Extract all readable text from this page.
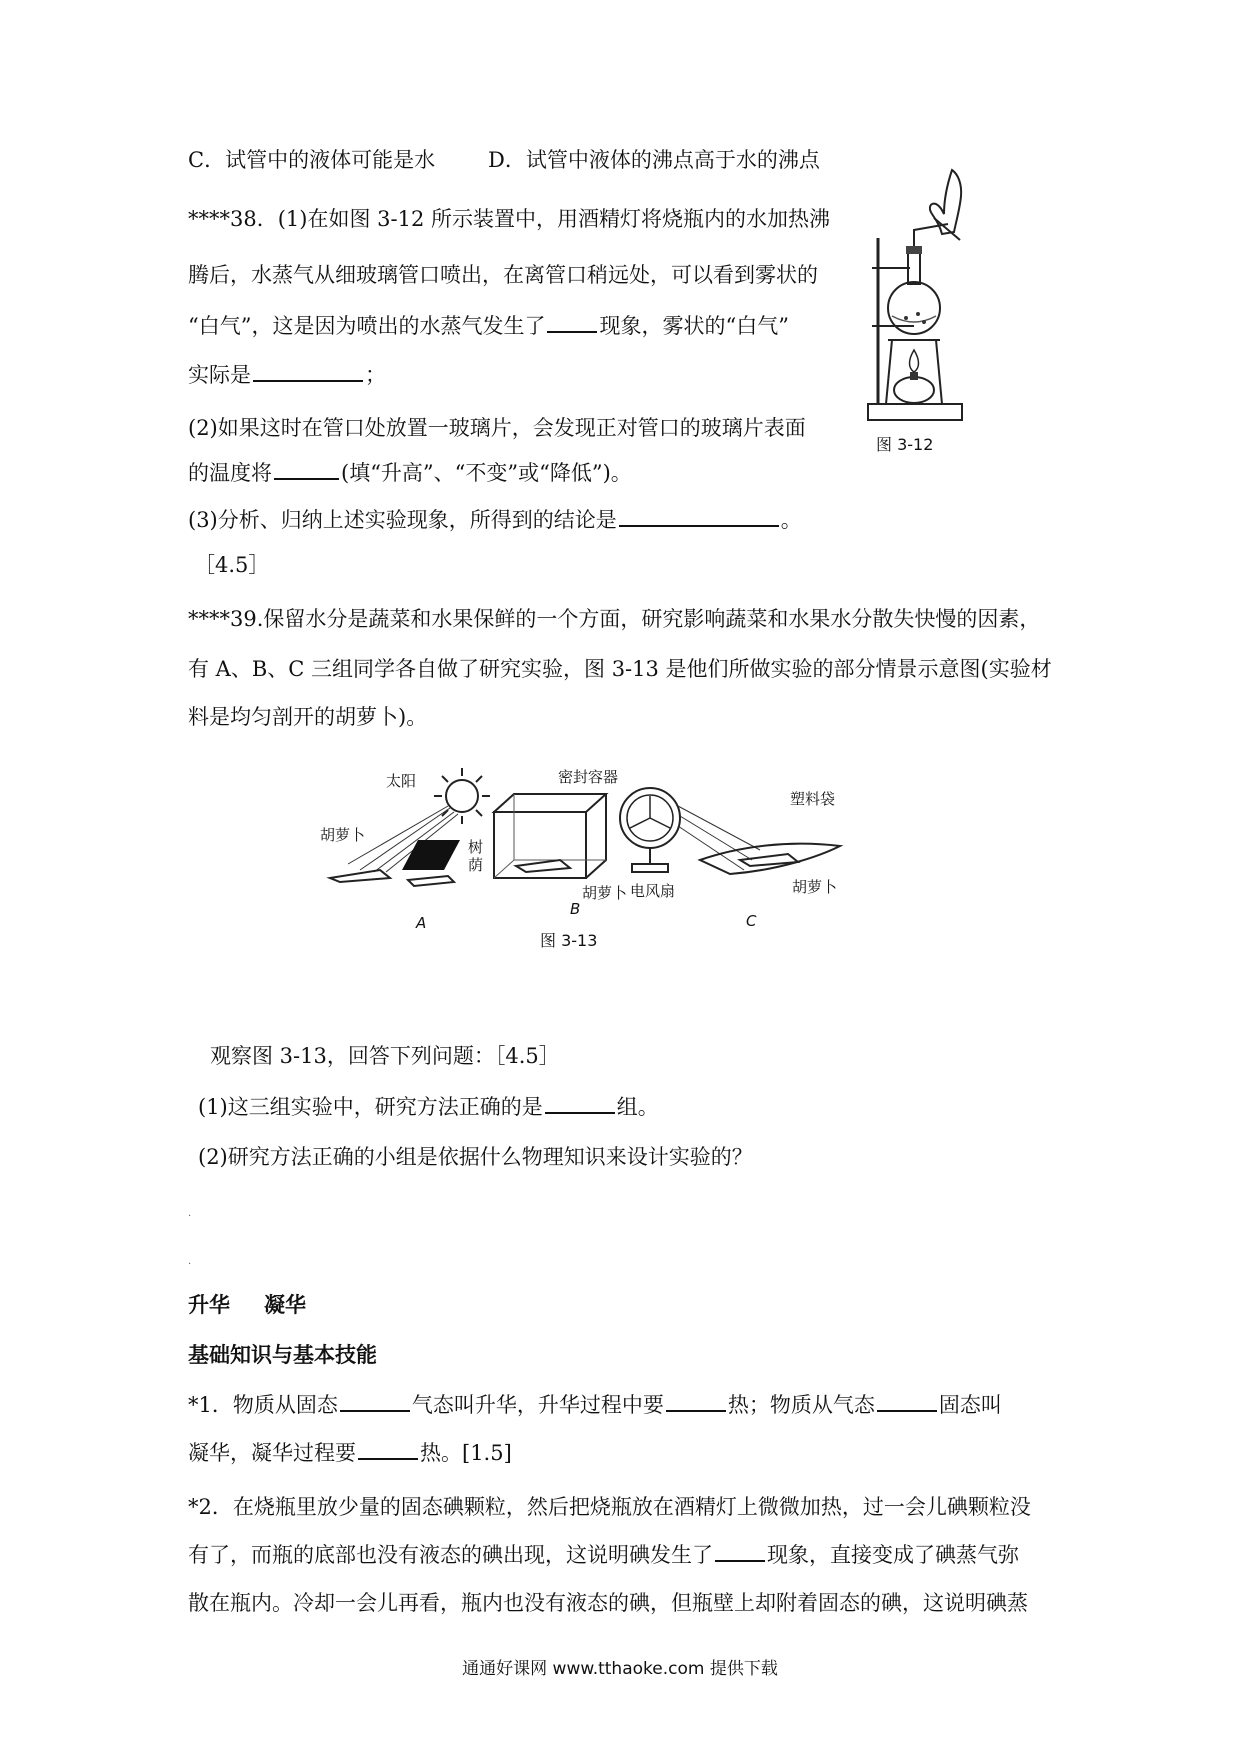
C．试管中的液体可能是水	D．试管中液体的沸点高于水的沸点
****38．(1)在如图 3-12 所示装置中，用酒精灯将烧瓶内的水加热沸
腾后，水蒸气从细玻璃管口喷出，在离管口稍远处，可以看到雾状的
“白气”，这是因为喷出的水蒸气发生了	现象，雾状的“白气”
实际是	；
(2)如果这时在管口处放置一玻璃片，会发现正对管口的玻璃片表面
的温度将	(填“升高”、“不变”或“降低”)。
(3)分析、归纳上述实验现象，所得到的结论是	。
［4.5］
图 3-12
****39.保留水分是蔬菜和水果保鲜的一个方面，研究影响蔬菜和水果水分散失快慢的因素，
有 A、B、C 三组同学各自做了研究实验，图 3-13 是他们所做实验的部分情景示意图(实验材
料是均匀剖开的胡萝卜)。
太阳
胡萝卜
树荫
密封容器
胡萝卜 电风扇
塑料袋
胡萝卜
A
B
C
图 3-13
观察图 3-13，回答下列问题：［4.5］
(1)这三组实验中，研究方法正确的是	组。
(2)研究方法正确的小组是依据什么物理知识来设计实验的？
.
.
升华 凝华
基础知识与基本技能
*1．物质从固态	气态叫升华，升华过程中要	热；物质从气态	固态叫
凝华，凝华过程要	热。[1.5]
*2．在烧瓶里放少量的固态碘颗粒，然后把烧瓶放在酒精灯上微微加热，过一会儿碘颗粒没
有了，而瓶的底部也没有液态的碘出现，这说明碘发生了	现象，直接变成了碘蒸气弥
散在瓶内。冷却一会儿再看，瓶内也没有液态的碘，但瓶壁上却附着固态的碘，这说明碘蒸
通通好课网 www.tthaoke.com 提供下载
